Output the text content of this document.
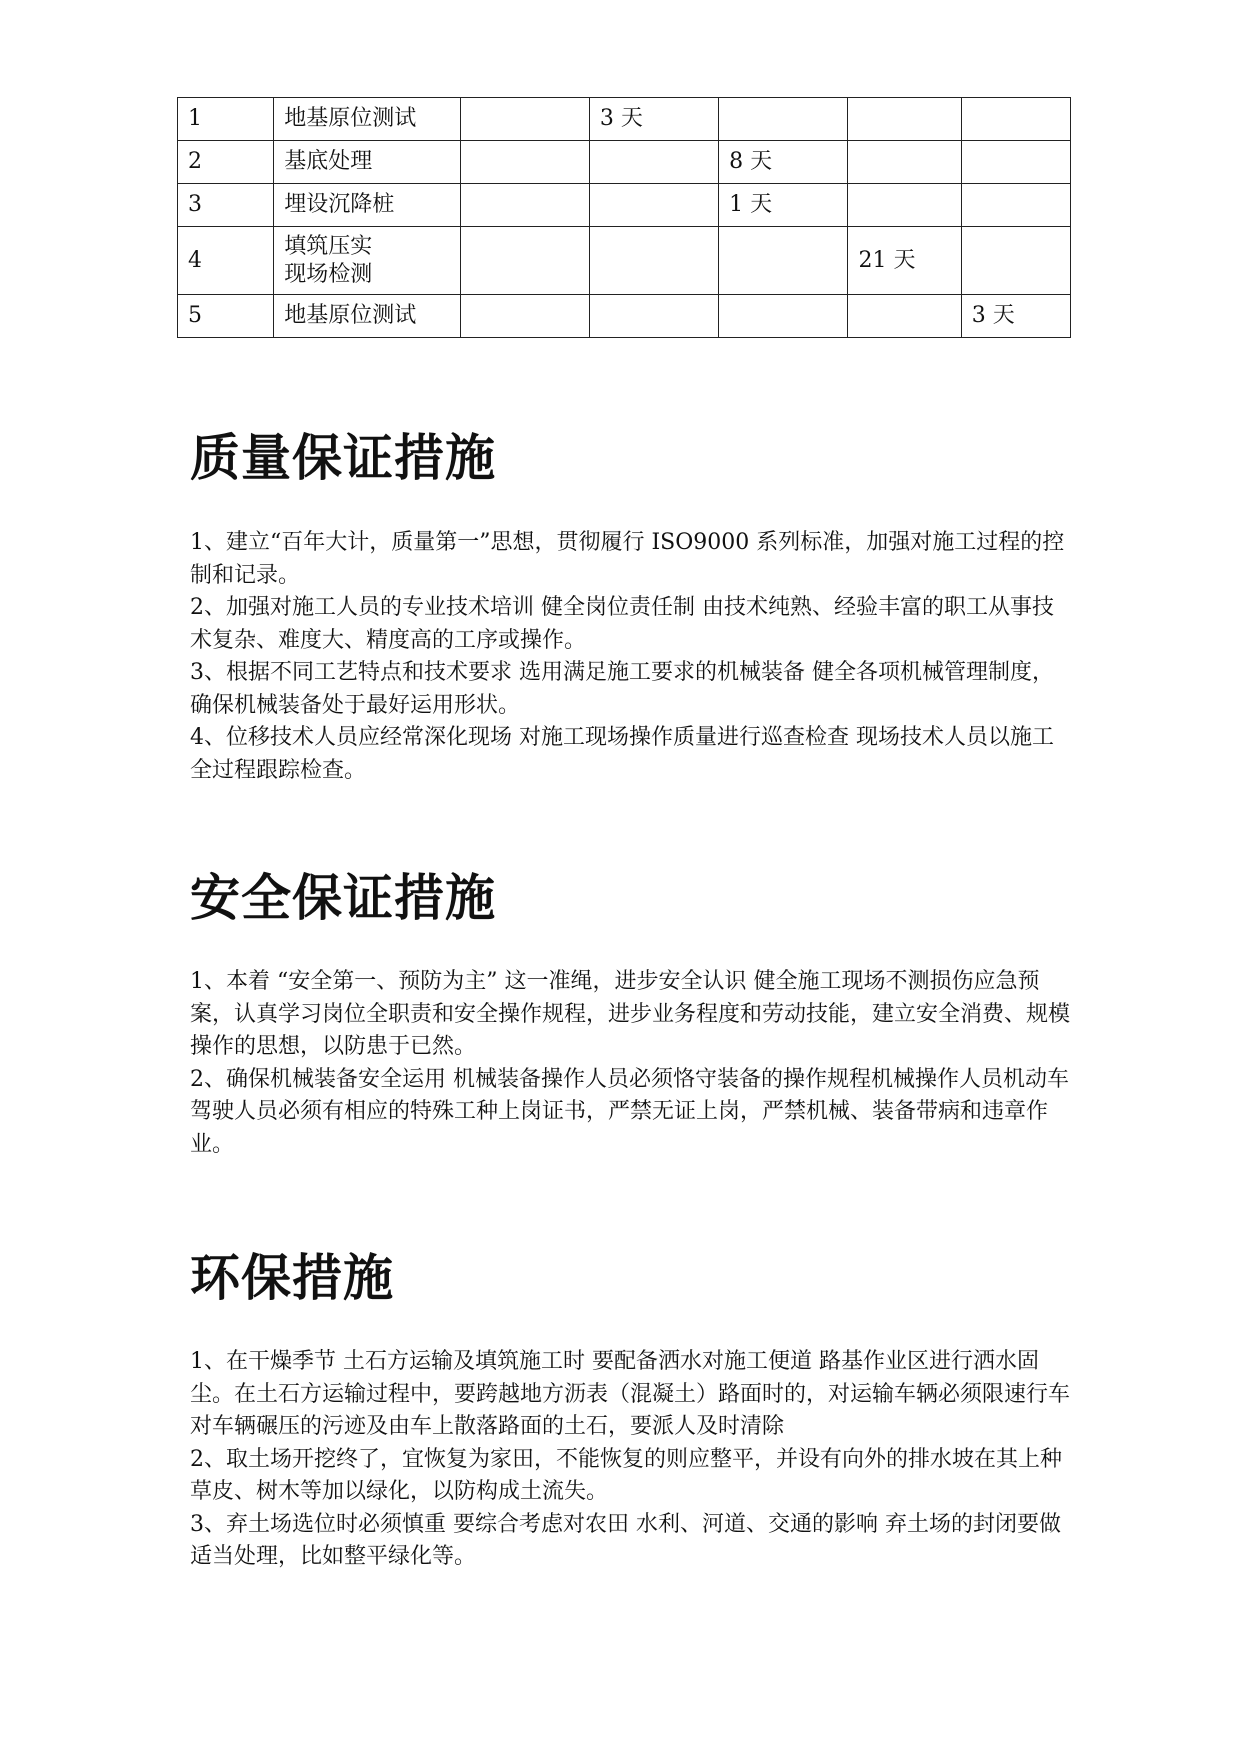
1	地基原位测试		3 天			
2	基底处理			8 天		
3	埋设沉降桩			1 天		
4	填筑压实
现场检测				21 天	
5	地基原位测试					3 天
质量保证措施

1、建立“百年大计，质量第一”思想，贯彻履行 ISO9000 系列标准，加强对施工过程的控制和记录。

2、加强对施工人员的专业技术培训 健全岗位责任制 由技术纯熟、经验丰富的职工从事技术复杂、难度大、精度高的工序或操作。

3、根据不同工艺特点和技术要求 选用满足施工要求的机械装备 健全各项机械管理制度，确保机械装备处于最好运用形状。

4、位移技术人员应经常深化现场 对施工现场操作质量进行巡查检查 现场技术人员以施工全过程跟踪检查。

安全保证措施

1、本着 “安全第一、预防为主” 这一准绳，进步安全认识 健全施工现场不测损伤应急预案，认真学习岗位全职责和安全操作规程，进步业务程度和劳动技能，建立安全消费、规模操作的思想，以防患于已然。

2、确保机械装备安全运用 机械装备操作人员必须恪守装备的操作规程机械操作人员机动车驾驶人员必须有相应的特殊工种上岗证书，严禁无证上岗，严禁机械、装备带病和违章作业。

环保措施

1、在干燥季节 土石方运输及填筑施工时 要配备洒水对施工便道 路基作业区进行洒水固尘。在土石方运输过程中，要跨越地方沥表（混凝土）路面时的，对运输车辆必须限速行车 对车辆碾压的污迹及由车上散落路面的土石，要派人及时清除

2、取土场开挖终了，宜恢复为家田，不能恢复的则应整平，并设有向外的排水坡在其上种草皮、树木等加以绿化，以防构成土流失。

3、弃土场选位时必须慎重 要综合考虑对农田 水利、河道、交通的影响 弃土场的封闭要做适当处理，比如整平绿化等。
